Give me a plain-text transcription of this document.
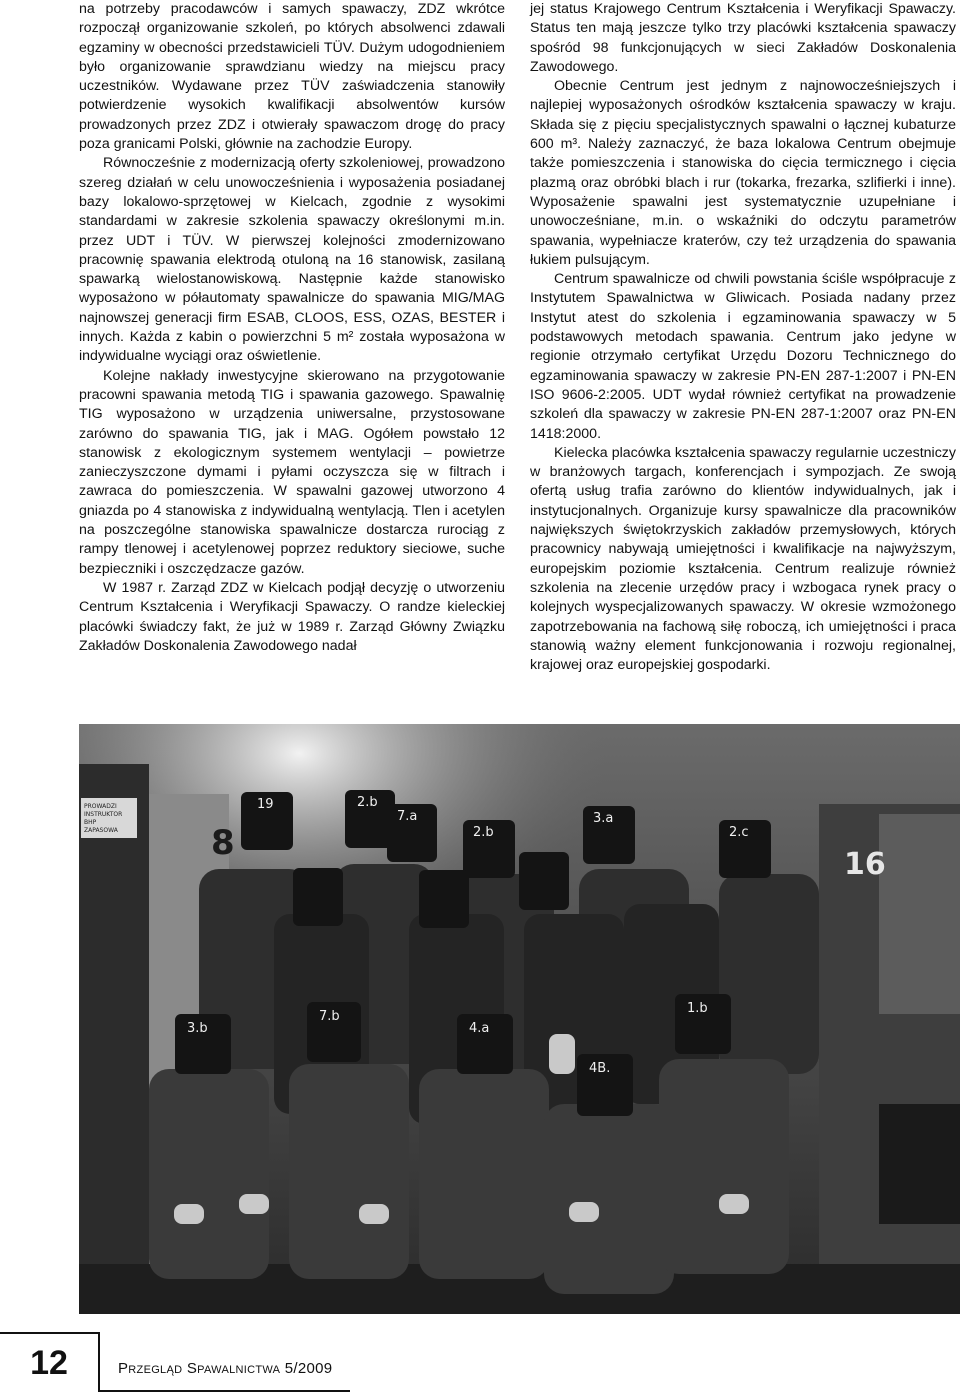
na potrzeby pracodawców i samych spawaczy, ZDZ wkrótce rozpoczął organizowanie szkoleń, po których absolwenci zdawali egzaminy w obecności przedstawicieli TÜV. Dużym udogodnieniem było organizowanie sprawdzianu wiedzy na miejscu pracy uczestników. Wydawane przez TÜV zaświadczenia stanowiły potwierdzenie wysokich kwalifikacji absolwentów kursów prowadzonych przez ZDZ i otwierały spawaczom drogę do pracy poza granicami Polski, głównie na zachodzie Europy.

Równocześnie z modernizacją oferty szkoleniowej, prowadzono szereg działań w celu unowocześnienia i wyposażenia posiadanej bazy lokalowo-sprzętowej w Kielcach, zgodnie z wysokimi standardami w zakresie szkolenia spawaczy określonymi m.in. przez UDT i TÜV. W pierwszej kolejności zmodernizowano pracownię spawania elektrodą otuloną na 16 stanowisk, zasilaną spawarką wielostanowiskową. Następnie każde stanowisko wyposażono w półautomaty spawalnicze do spawania MIG/MAG najnowszej generacji firm ESAB, CLOOS, ESS, OZAS, BESTER i innych. Każda z kabin o powierzchni 5 m² została wyposażona w indywidualne wyciągi oraz oświetlenie.

Kolejne nakłady inwestycyjne skierowano na przygotowanie pracowni spawania metodą TIG i spawania gazowego. Spawalnię TIG wyposażono w urządzenia uniwersalne, przystosowane zarówno do spawania TIG, jak i MAG. Ogółem powstało 12 stanowisk z ekologicznym systemem wentylacji – powietrze zanieczyszczone dymami i pyłami oczyszcza się w filtrach i zawraca do pomieszczenia. W spawalni gazowej utworzono 4 gniazda po 4 stanowiska z indywidualną wentylacją. Tlen i acetylen na poszczególne stanowiska spawalnicze dostarcza rurociąg z rampy tlenowej i acetylenowej poprzez reduktory sieciowe, suche bezpieczniki i oszczędzacze gazów.

W 1987 r. Zarząd ZDZ w Kielcach podjął decyzję o utworzeniu Centrum Kształcenia i Weryfikacji Spawaczy. O randze kieleckiej placówki świadczy fakt, że już w 1989 r. Zarząd Główny Związku Zakładów Doskonalenia Zawodowego nadał

jej status Krajowego Centrum Kształcenia i Weryfikacji Spawaczy. Status ten mają jeszcze tylko trzy placówki kształcenia spawaczy spośród 98 funkcjonujących w sieci Zakładów Doskonalenia Zawodowego.

Obecnie Centrum jest jednym z najnowocześniejszych i najlepiej wyposażonych ośrodków kształcenia spawaczy w kraju. Składa się z pięciu specjalistycznych spawalni o łącznej kubaturze 600 m³. Należy zaznaczyć, że baza lokalowa Centrum obejmuje także pomieszczenia i stanowiska do cięcia termicznego i cięcia plazmą oraz obróbki blach i rur (tokarka, frezarka, szlifierki i inne). Wyposażenie spawalni jest systematycznie uzupełniane i unowocześniane, m.in. o wskaźniki do odczytu parametrów spawania, wypełniacze kraterów, czy też urządzenia do spawania łukiem pulsującym.

Centrum spawalnicze od chwili powstania ściśle współpracuje z Instytutem Spawalnictwa w Gliwicach. Posiada nadany przez Instytut atest do szkolenia i egzaminowania spawaczy w 5 podstawowych metodach spawania. Centrum jako jedyne w regionie otrzymało certyfikat Urzędu Dozoru Technicznego do egzaminowania spawaczy w zakresie PN-EN 287-1:2007 i PN-EN ISO 9606-2:2005. UDT wydał również certyfikat na prowadzenie szkoleń dla spawaczy w zakresie PN-EN 287-1:2007 oraz PN-EN 1418:2000.

Kielecka placówka kształcenia spawaczy regularnie uczestniczy w branżowych targach, konferencjach i sympozjach. Ze swoją ofertą usług trafia zarówno do klientów indywidualnych, jak i instytucjonalnych. Organizuje kursy spawalnicze dla pracowników największych świętokrzyskich zakładów przemysłowych, których pracownicy nabywają umiejętności i kwalifikacje na najwyższym, europejskim poziomie kształcenia. Centrum realizuje również szkolenia na zlecenie urzędów pracy i wzbogaca rynek pracy o kolejnych wyspecjalizowanych spawaczy. W okresie wzmożonego zapotrzebowania na fachową siłę roboczą, ich umiejętności i praca stanowią ważny element funkcjonowania i rozwoju regionalnej, krajowej oraz europejskiej gospodarki.

8
16
PROWADZI
INSTRUKTOR
BHP
ZAPASOWA
19	2.b
7.a
2.b
3.a
2.c
3.b
7.b
4.a
1.b
4B.
12	Przegląd Spawalnictwa 5/2009
